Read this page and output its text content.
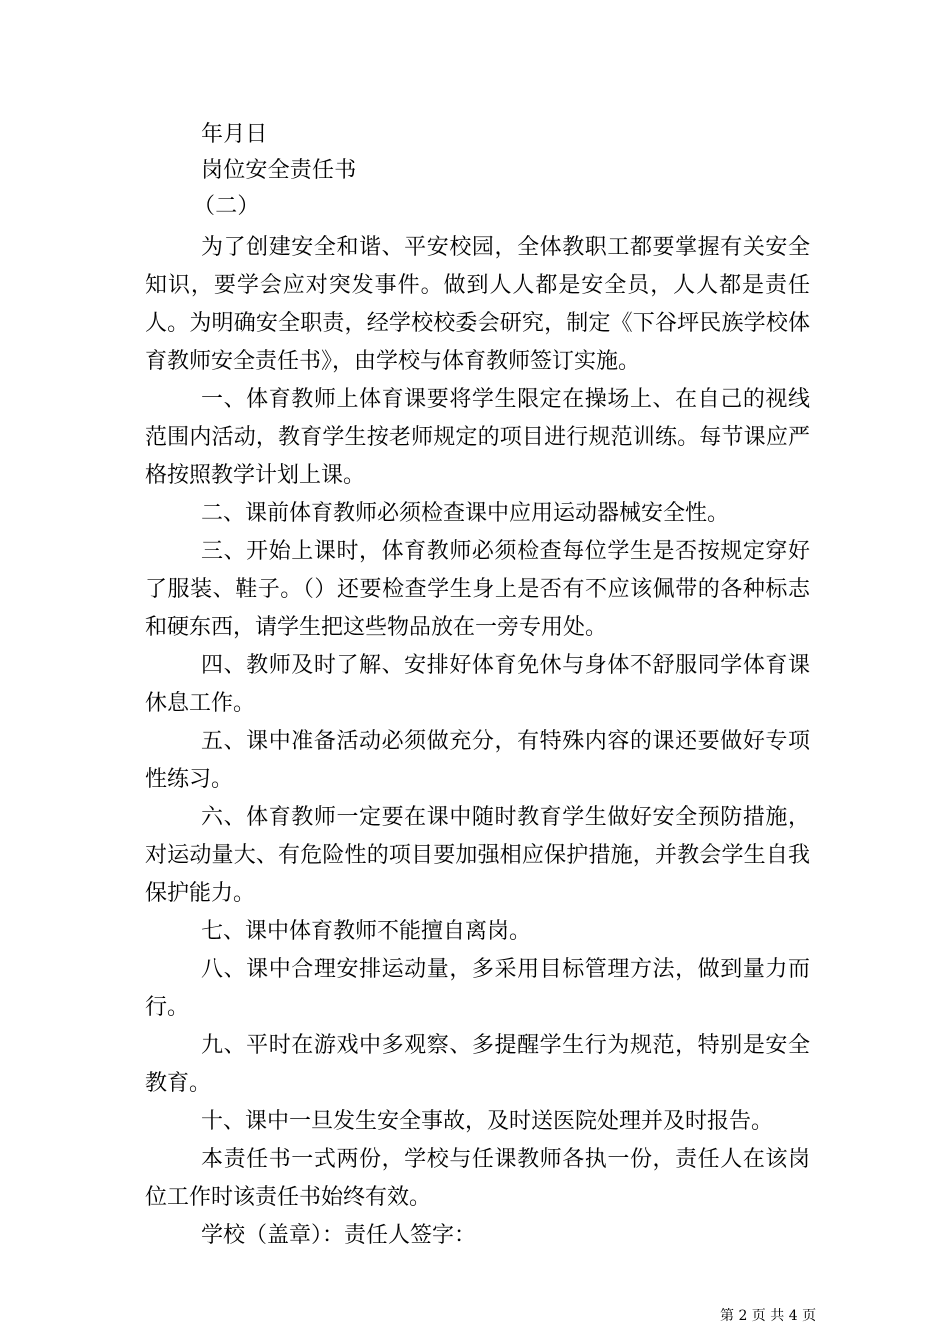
年月日
岗位安全责任书
（二）

为了创建安全和谐、平安校园，全体教职工都要掌握有关安全知识，要学会应对突发事件。做到人人都是安全员，人人都是责任人。为明确安全职责，经学校校委会研究，制定《下谷坪民族学校体育教师安全责任书》，由学校与体育教师签订实施。

一、体育教师上体育课要将学生限定在操场上、在自己的视线范围内活动，教育学生按老师规定的项目进行规范训练。每节课应严格按照教学计划上课。

二、课前体育教师必须检查课中应用运动器械安全性。

三、开始上课时，体育教师必须检查每位学生是否按规定穿好了服装、鞋子。（）还要检查学生身上是否有不应该佩带的各种标志和硬东西，请学生把这些物品放在一旁专用处。

四、教师及时了解、安排好体育免休与身体不舒服同学体育课休息工作。

五、课中准备活动必须做充分，有特殊内容的课还要做好专项性练习。

六、体育教师一定要在课中随时教育学生做好安全预防措施，对运动量大、有危险性的项目要加强相应保护措施，并教会学生自我保护能力。

七、课中体育教师不能擅自离岗。

八、课中合理安排运动量，多采用目标管理方法，做到量力而行。

九、平时在游戏中多观察、多提醒学生行为规范，特别是安全教育。

十、课中一旦发生安全事故，及时送医院处理并及时报告。

本责任书一式两份，学校与任课教师各执一份，责任人在该岗位工作时该责任书始终有效。

学校（盖章）：责任人签字：

第 2 页 共 4 页
